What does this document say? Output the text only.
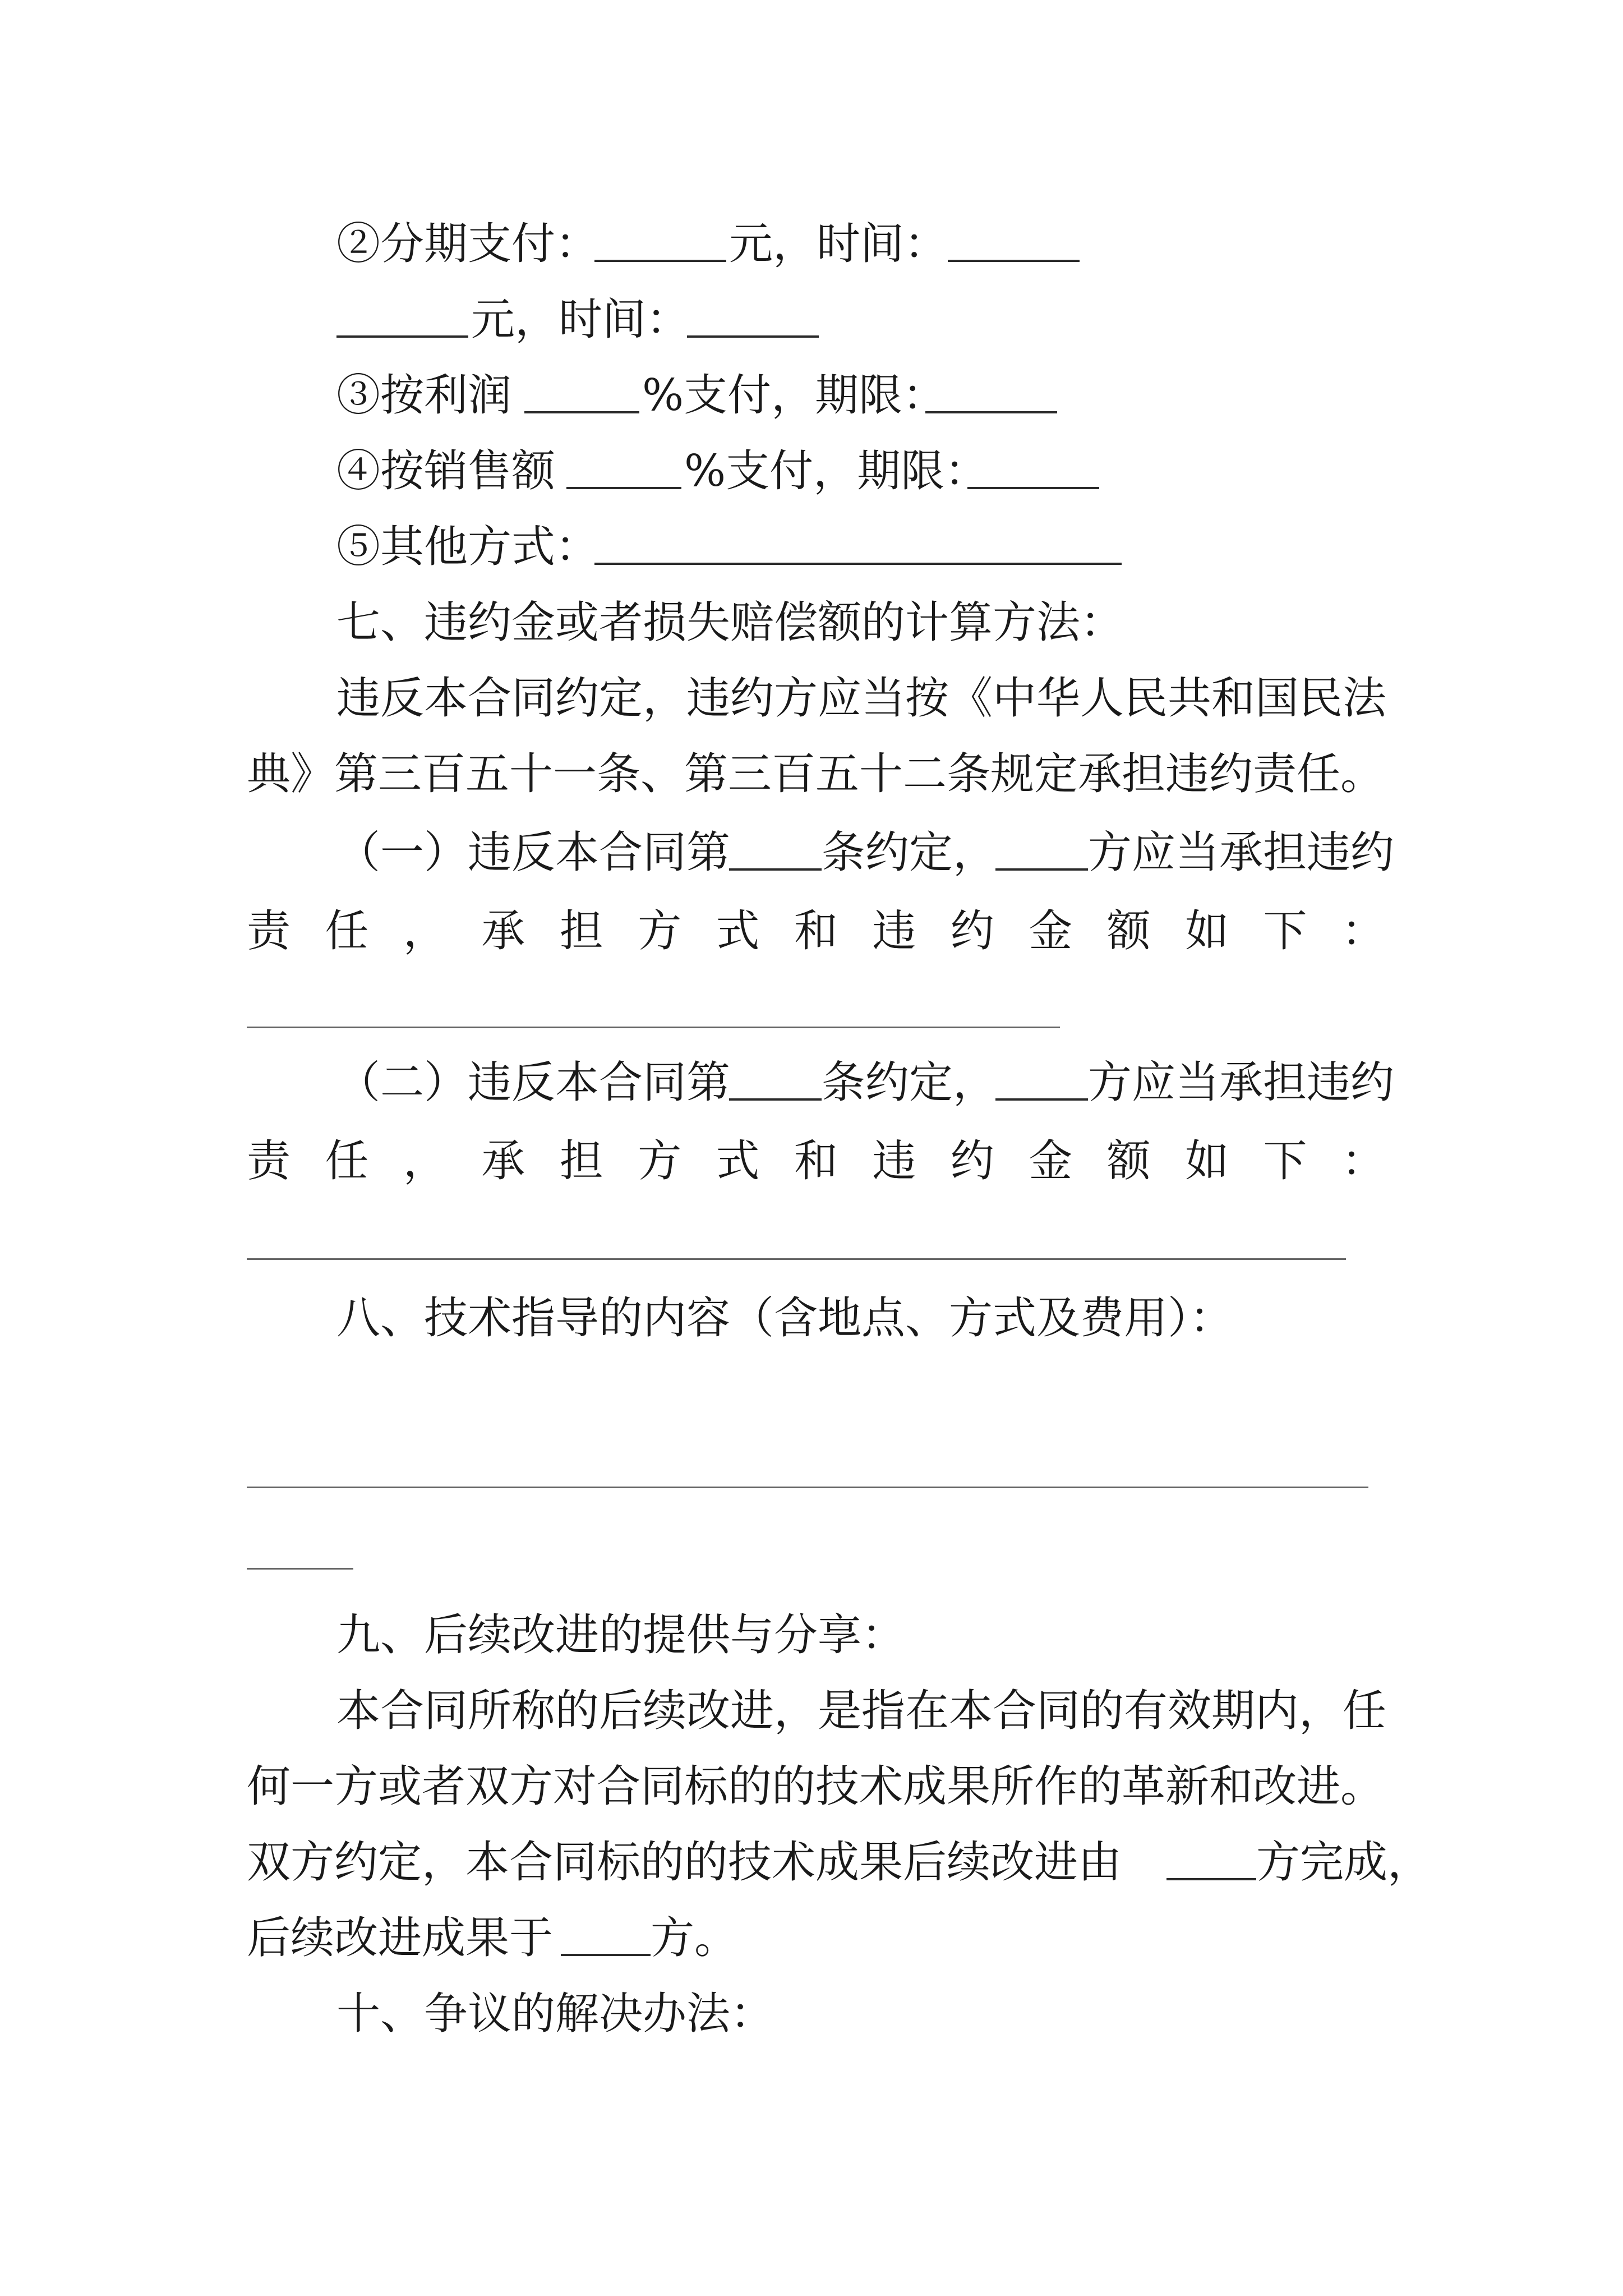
②分期支付：

	元，时间：

元，时间：

③按利润

	%支付，期限：

④按销售额

	%支付，期限：

⑤其他方式：

七、违约金或者损失赔偿额的计算方法：

违反本合同约定，违约方应当按《中华人民共和国民法

典》第三百五十一条、第三百五十二条规定承担违约责任。

（一）违反本合同第

条约定，

方应当承担违约

责 任 ， 承 担 方 式 和 违 约 金 额 如 下 ：

（二）违反本合同第

条约定，

方应当承担违约

责 任 ， 承 担 方 式 和 违 约 金 额 如 下 ：

八、技术指导的内容（含地点、方式及费用）：

九、后续改进的提供与分享：

本合同所称的后续改进，是指在本合同的有效期内，任

何一方或者双方对合同标的的技术成果所作的革新和改进。

双方约定，本合同标的的技术成果后续改进由

	方完成，

后续改进成果于

方。

十、争议的解决办法：
